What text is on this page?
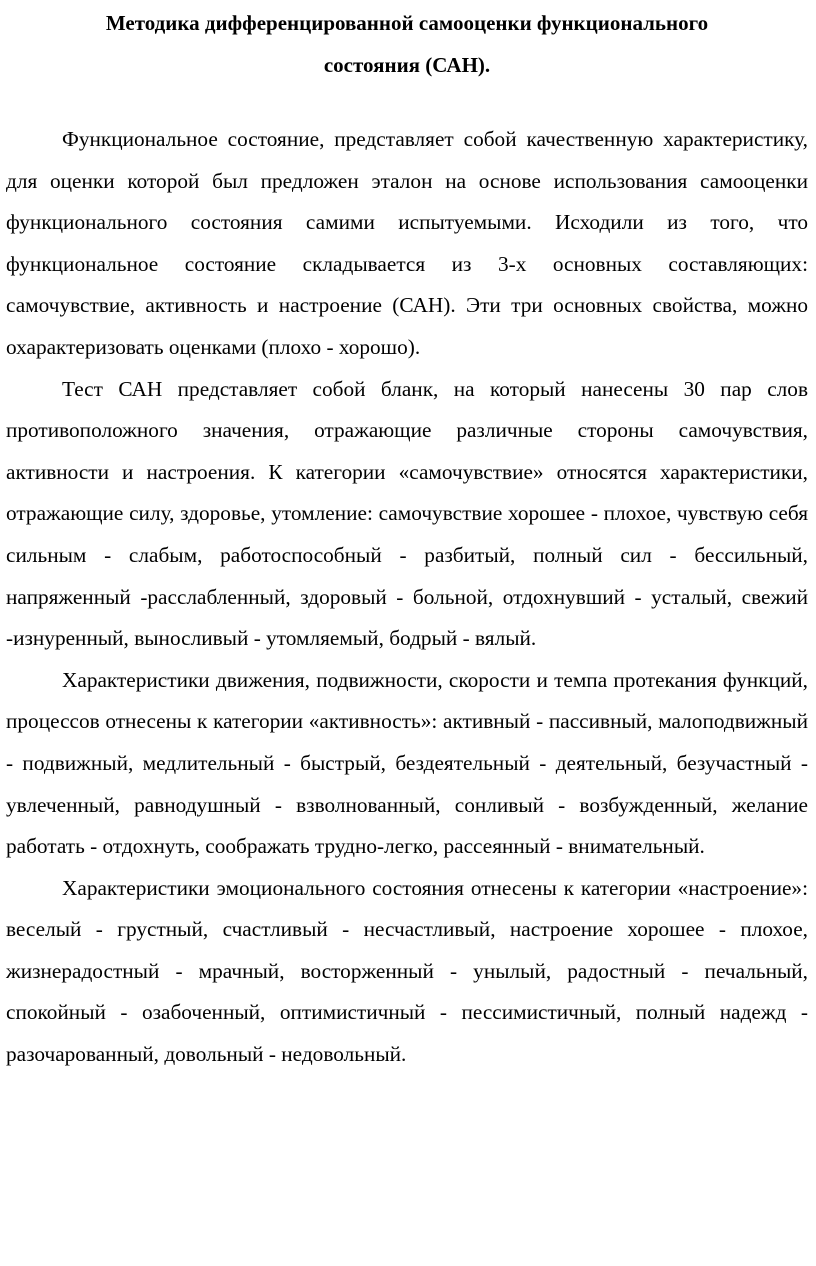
Методика дифференцированной самооценки функционального
состояния (САН).

Функциональное состояние, представляет собой качественную характеристику, для оценки которой был предложен эталон на основе использования самооценки функционального состояния самими испытуемыми. Исходили из того, что функциональное состояние складывается из 3-х основных составляющих: самочувствие, активность и настроение (САН). Эти три основных свойства, можно охарактеризовать оценками (плохо - хорошо).

Тест САН представляет собой бланк, на который нанесены 30 пар слов противоположного значения, отражающие различные стороны самочувствия, активности и настроения. К категории «самочувствие» относятся характеристики, отражающие силу, здоровье, утомление: самочувствие хорошее - плохое, чувствую себя сильным - слабым, работоспособный - разбитый, полный сил - бессильный, напряженный -расслабленный, здоровый - больной, отдохнувший - усталый, свежий -изнуренный, выносливый - утомляемый, бодрый - вялый.

Характеристики движения, подвижности, скорости и темпа протекания функций, процессов отнесены к категории «активность»: активный - пассивный, малоподвижный - подвижный, медлительный - быстрый, бездеятельный - деятельный, безучастный - увлеченный, равнодушный - взволнованный, сонливый - возбужденный, желание работать - отдохнуть, соображать трудно-легко, рассеянный - внимательный.

Характеристики эмоционального состояния отнесены к категории «настроение»: веселый - грустный, счастливый - несчастливый, настроение хорошее - плохое, жизнерадостный - мрачный, восторженный - унылый, радостный - печальный, спокойный - озабоченный, оптимистичный - пессимистичный, полный надежд - разочарованный, довольный - недовольный.
